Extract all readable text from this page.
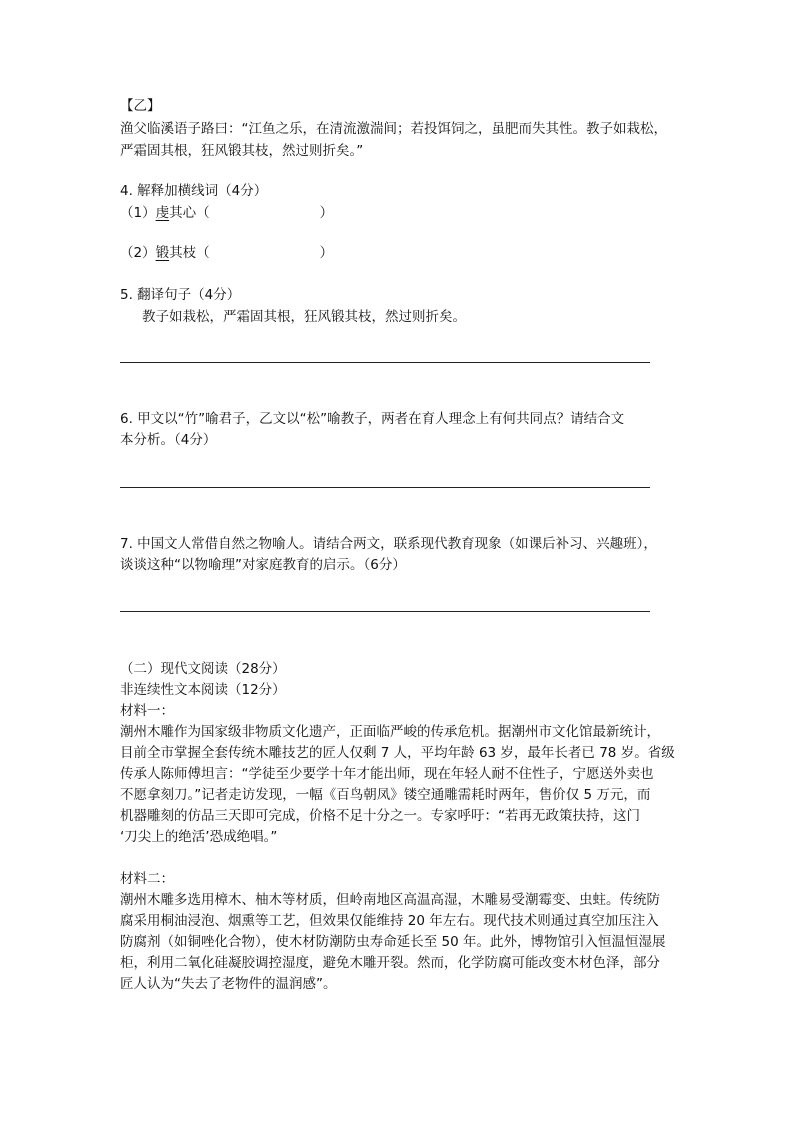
【乙】
渔父临溪语子路曰：“江鱼之乐，在清流激湍间；若投饵饲之，虽肥而失其性。教子如栽松，
严霜固其根，狂风锻其枝，然过则折矣。”
4. 解释加横线词（4分）
（1）虔其心（	）
（2）锻其枝（	）
5. 翻译句子（4分）
教子如栽松，严霜固其根，狂风锻其枝，然过则折矣。
6. 甲文以“竹”喻君子，乙文以“松”喻教子，两者在育人理念上有何共同点？请结合文
本分析。（4分）
7. 中国文人常借自然之物喻人。请结合两文，联系现代教育现象（如课后补习、兴趣班），
谈谈这种“以物喻理”对家庭教育的启示。（6分）
（二）现代文阅读（28分）
非连续性文本阅读（12分）
材料一：
潮州木雕作为国家级非物质文化遗产，正面临严峻的传承危机。据潮州市文化馆最新统计，
目前全市掌握全套传统木雕技艺的匠人仅剩 7 人，平均年龄 63 岁，最年长者已 78 岁。省级
传承人陈师傅坦言：“学徒至少要学十年才能出师，现在年轻人耐不住性子，宁愿送外卖也
不愿拿刻刀。”记者走访发现，一幅《百鸟朝凤》镂空通雕需耗时两年，售价仅 5 万元，而
机器雕刻的仿品三天即可完成，价格不足十分之一。专家呼吁：“若再无政策扶持，这门
‘刀尖上的绝活’恐成绝唱。”
材料二：
潮州木雕多选用樟木、柚木等材质，但岭南地区高温高湿，木雕易受潮霉变、虫蛀。传统防
腐采用桐油浸泡、烟熏等工艺，但效果仅能维持 20 年左右。现代技术则通过真空加压注入
防腐剂（如铜唑化合物），使木材防潮防虫寿命延长至 50 年。此外，博物馆引入恒温恒湿展
柜，利用二氧化硅凝胶调控湿度，避免木雕开裂。然而，化学防腐可能改变木材色泽，部分
匠人认为“失去了老物件的温润感”。
